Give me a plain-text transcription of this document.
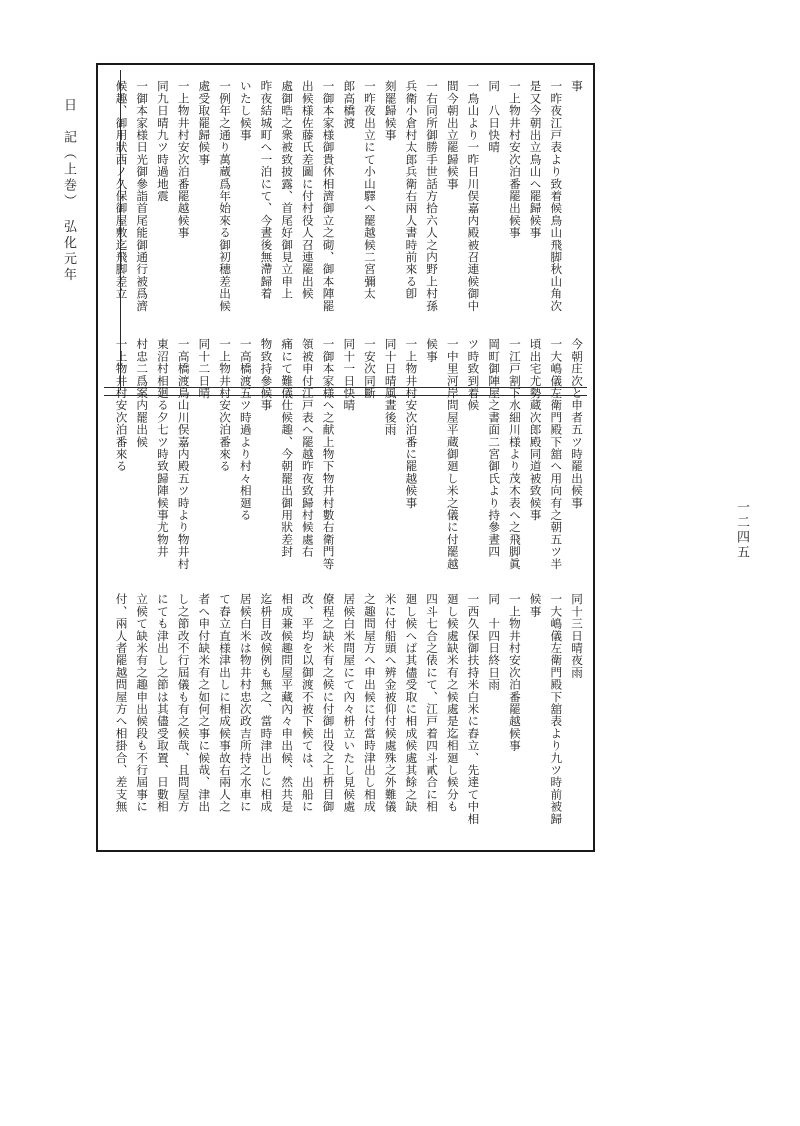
日　記（上巻）　弘化元年
一二四五

事

一昨夜江戸表より致着候鳥山飛脚秋山角次

是又今朝出立鳥山へ罷歸候事

一上物井村安次泊番罷出候事

同　八日快晴

一鳥山より一昨日川俣嘉内殿被召連候御中

間今朝出立罷歸候事

一右同所御勝手世話方拾六人之内野上村孫

兵衛小倉村太郎兵衛右兩人書時前來る卽

刻罷歸候事

一昨夜出立にて小山驛へ罷越候二宮彌太

郎高橋渡

一御本家様御貴休相濟御立之砌、御本陣罷

出候様佐藤氏差圖に付村役人召連罷出候

處御晧之衆被致披露、首尾好御見立申上

昨夜結城町へ一泊にて、今晝後無滯歸着

いたし候事

一例年之通り萬蔵爲年始來る御初穗差出候

處受取罷歸候事

一上物井村安次泊番罷越候事

同九日晴九ツ時過地震

一御本家様日光御參詣首尾能御通行被爲濟

候趣、御用狀西ノ久保御屋敷迄飛脚差立

今朝庄次と申者五ツ時罷出候事

一大嶋儀左衛門殿下舘へ用向有之朝五ツ半

頃出宅尤勢蔵次郎殿同道被致候事

一江戸割下水細川様より茂木表へ之飛脚眞

岡町御陣屋之書面二宮御氏より持參晝四

ツ時致到着候

一中里河岸問屋平蔵御廻し米之儀に付罷越

候事

一上物井村安次泊番に罷越候事

同十日晴風晝後雨

一安次同斷

同十一日快晴

一御本家様へ之献上物下物井村數右衛門等

領被申付江戸表へ罷越昨夜致歸村候處右

痛にて難儀仕候趣、今朝罷出御用狀差封

物致持參候事

一高橋渡五ツ時過より村々相廻る

一上物井村安次泊番來る

同十二日晴

一高橋渡鳥山川俣嘉内殿五ツ時より物井村

東沼村相廻る夕七ツ時致歸陣候事尤物井

村忠二爲案内罷出候

一上物井村安次泊番來る

同十三日晴夜雨

一大嶋儀左衛門殿下舘表より九ツ時前被歸

候事

一上物井村安次泊番罷越候事

同　十四日終日雨

一西久保御扶持米白米に舂立、先達て中相

廻し候處缺米有之候處是迄相廻し候分も

四斗七合之俵にて、江戸着四斗貳合に相

廻し候へば其儘受取に相成候處其餘之缺

米に付船頭へ辨金被仰付候處殊之外難儀

之趣問屋方へ申出候に付當時津出し相成

居候白米問屋にて內々枡立いたし見候處

僚程之缺米有之候に付御出役之上枡目御

改、平均を以御渡不被下候ては、出船に

相成兼候趣問屋平藏內々申出候、然共是

迄枡目改候例も無之、當時津出しに相成

居候白米は物井村忠次政吉所持之水車に

て舂立直様津出しに相成候事故右兩人之

者へ申付缺米有之如何之事に候哉、津出

し之節改不行屆儀も有之候哉、且問屋方

にても津出し之節は其儘受取置、日數相

立候て缺米有之趣申出候段も不行屆事に

付、兩人者罷越問屋方へ相掛合、差支無
